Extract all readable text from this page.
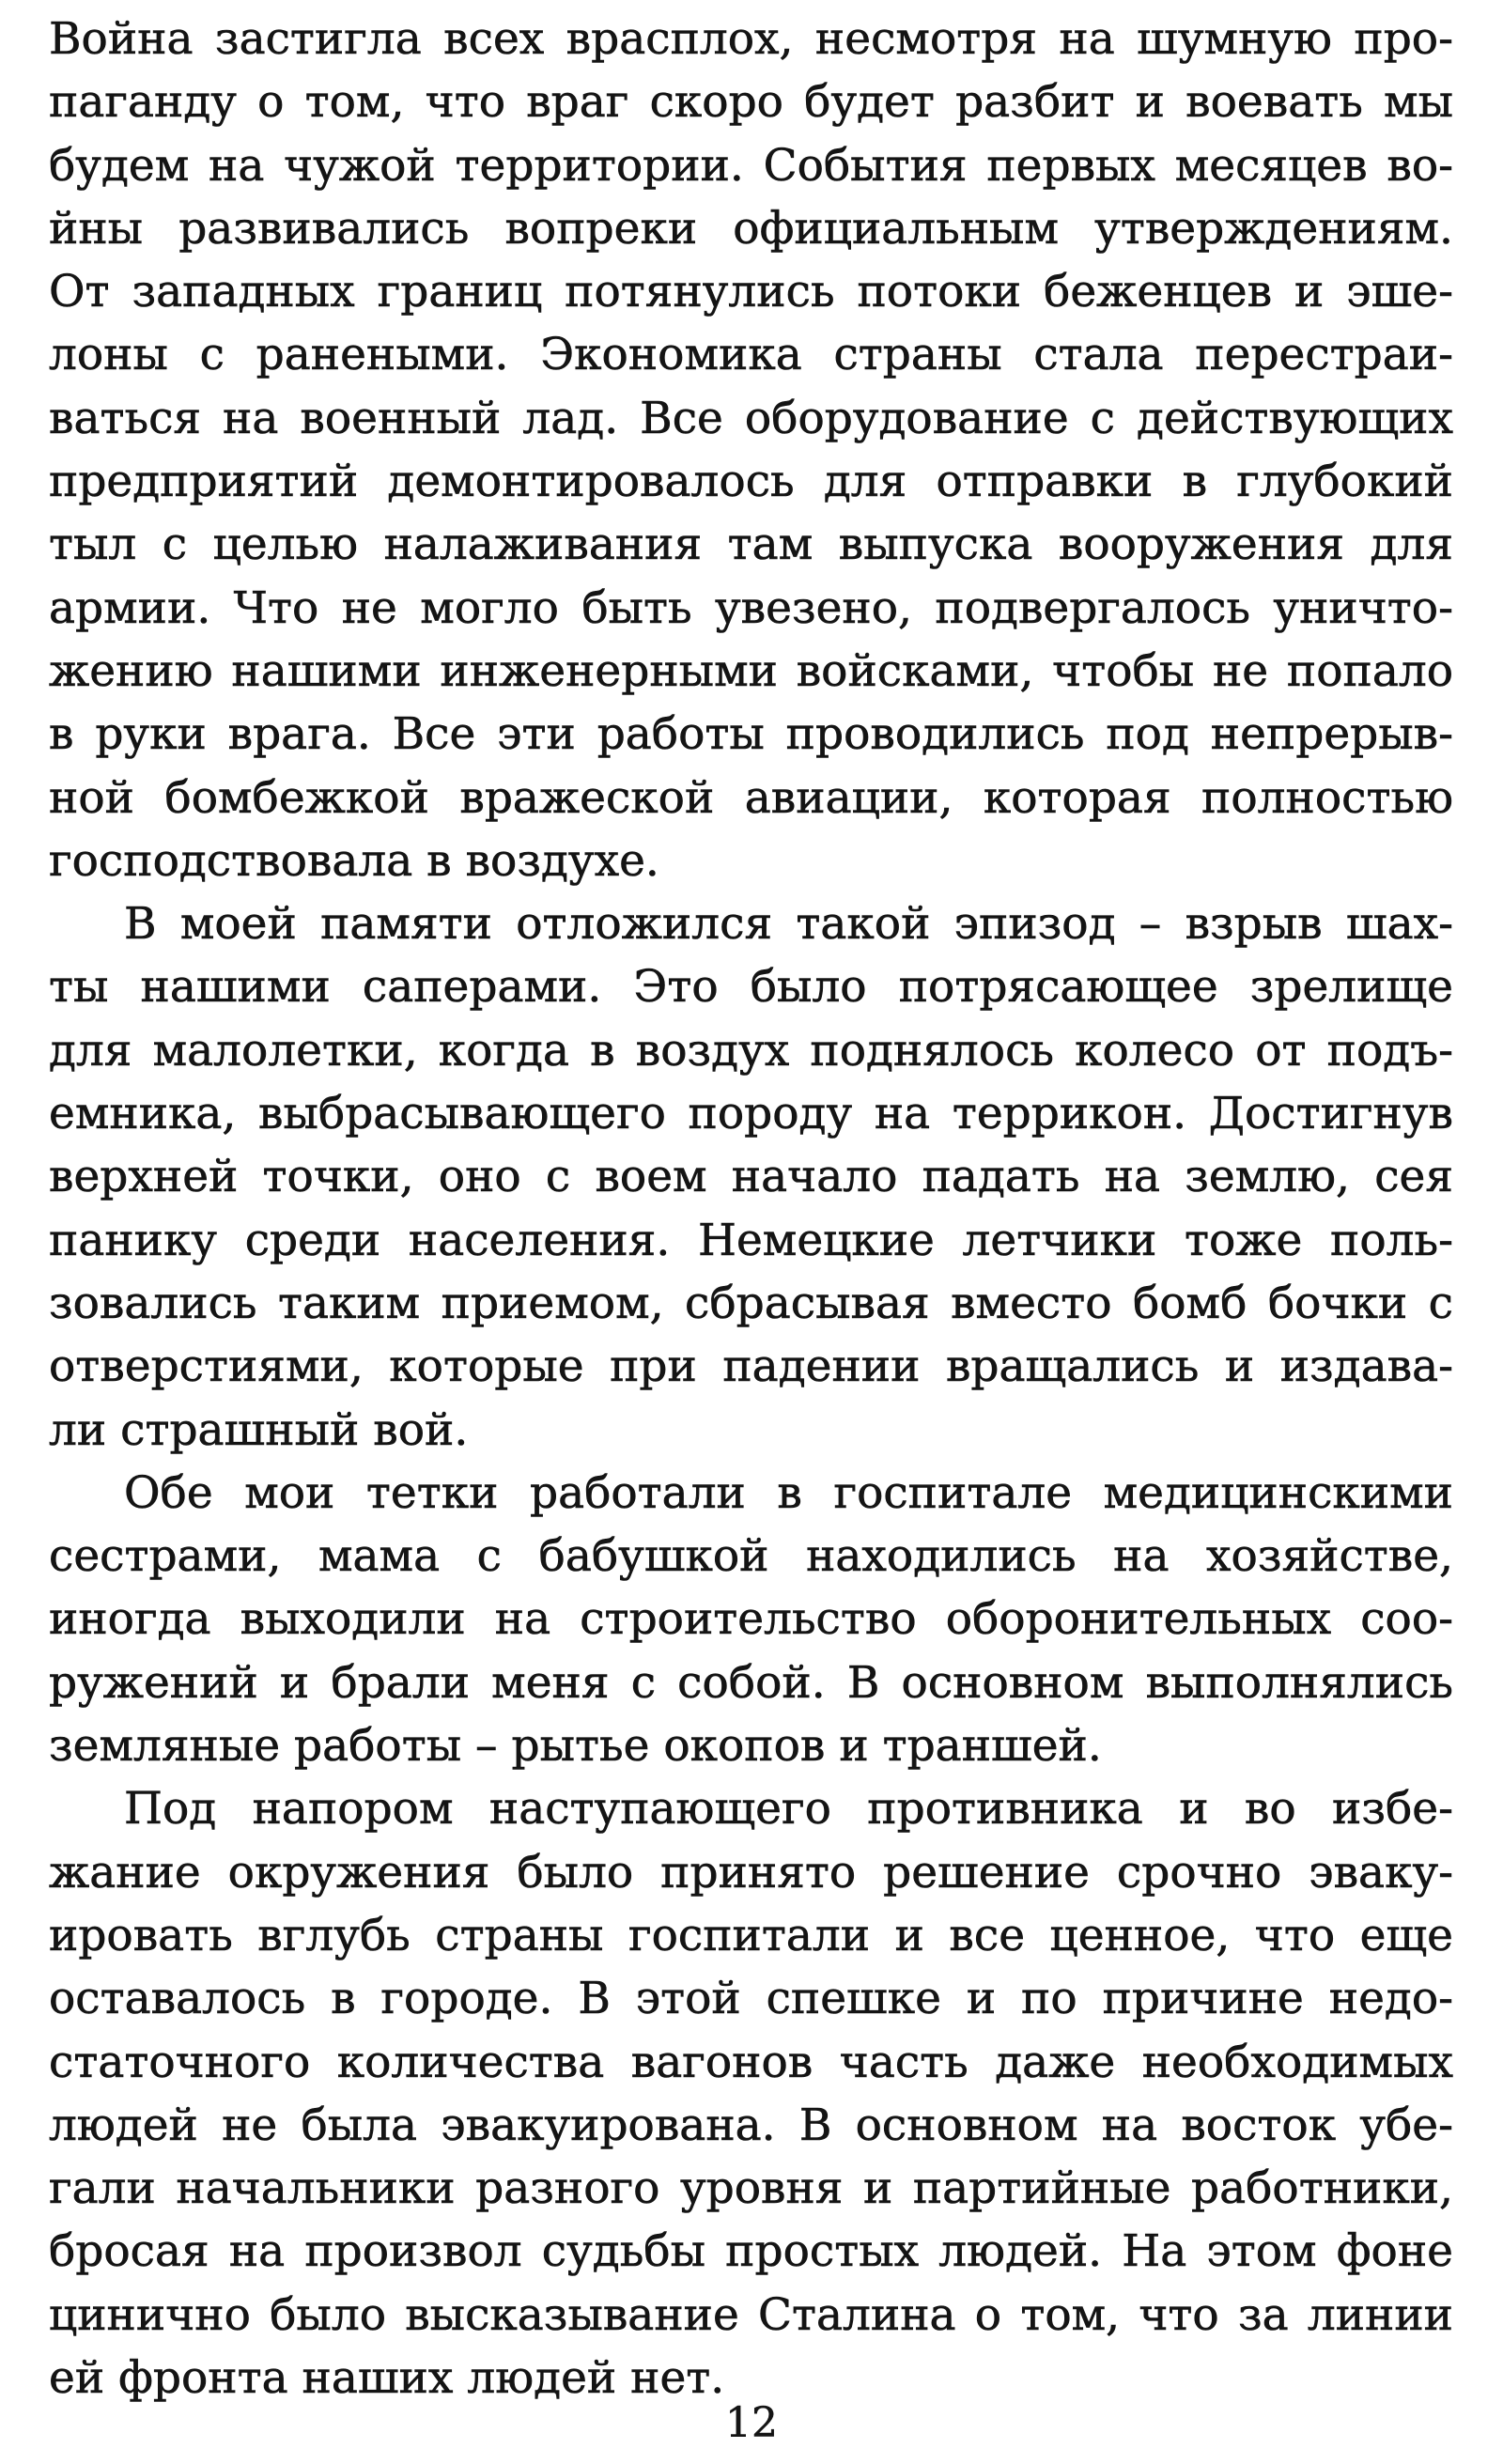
Война застигла всех врасплох, несмотря на шумную про-
паганду о том, что враг скоро будет разбит и воевать мы
будем на чужой территории. События первых месяцев во-
йны развивались вопреки официальным утверждениям.
От западных границ потянулись потоки беженцев и эше-
лоны с ранеными. Экономика страны стала перестраи-
ваться на военный лад. Все оборудование с действующих
предприятий демонтировалось для отправки в глубокий
тыл с целью налаживания там выпуска вооружения для
армии. Что не могло быть увезено, подвергалось уничто-
жению нашими инженерными войсками, чтобы не попало
в руки врага. Все эти работы проводились под непрерыв-
ной бомбежкой вражеской авиации, которая полностью
господствовала в воздухе.
В моей памяти отложился такой эпизод – взрыв шах-
ты нашими саперами. Это было потрясающее зрелище
для малолетки, когда в воздух поднялось колесо от подъ-
емника, выбрасывающего породу на террикон. Достигнув
верхней точки, оно с воем начало падать на землю, сея
панику среди населения. Немецкие летчики тоже поль-
зовались таким приемом, сбрасывая вместо бомб бочки с
отверстиями, которые при падении вращались и издава-
ли страшный вой.
Обе мои тетки работали в госпитале медицинскими
сестрами, мама с бабушкой находились на хозяйстве,
иногда выходили на строительство оборонительных соо-
ружений и брали меня с собой. В основном выполнялись
земляные работы – рытье окопов и траншей.
Под напором наступающего противника и во избе-
жание окружения было принято решение срочно эваку-
ировать вглубь страны госпитали и все ценное, что еще
оставалось в городе. В этой спешке и по причине недо-
статочного количества вагонов часть даже необходимых
людей не была эвакуирована. В основном на восток убе-
гали начальники разного уровня и партийные работники,
бросая на произвол судьбы простых людей. На этом фоне
цинично было высказывание Сталина о том, что за линии
ей фронта наших людей нет.
12
